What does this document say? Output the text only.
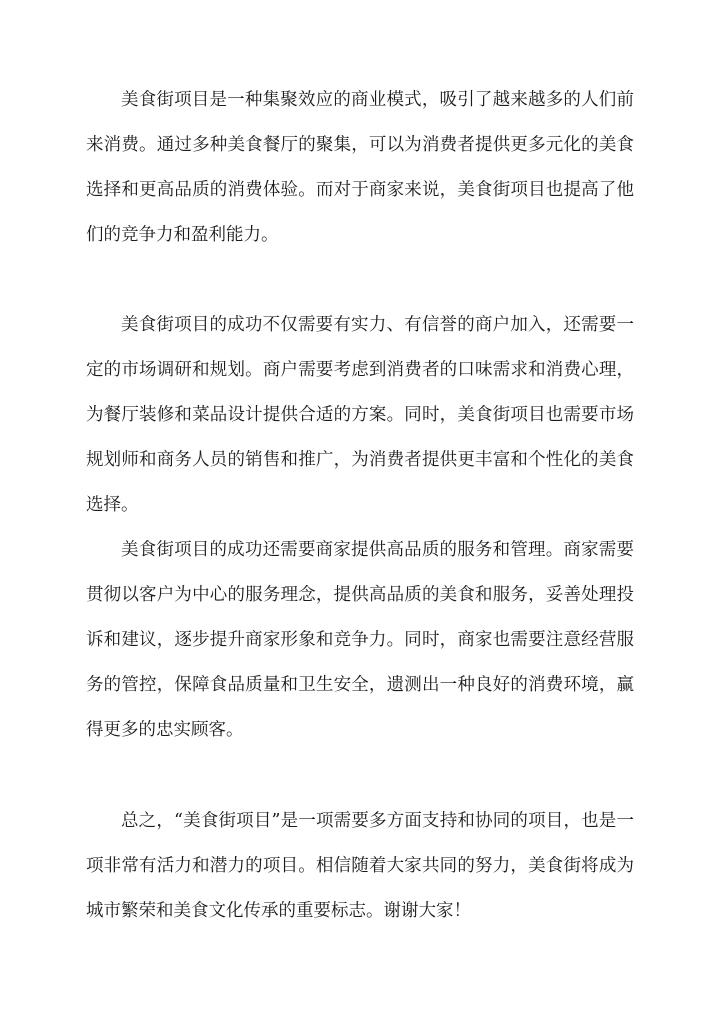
美食街项目是一种集聚效应的商业模式，吸引了越来越多的人们前来消费。通过多种美食餐厅的聚集，可以为消费者提供更多元化的美食选择和更高品质的消费体验。而对于商家来说，美食街项目也提高了他们的竞争力和盈利能力。

美食街项目的成功不仅需要有实力、有信誉的商户加入，还需要一定的市场调研和规划。商户需要考虑到消费者的口味需求和消费心理，为餐厅装修和菜品设计提供合适的方案。同时，美食街项目也需要市场规划师和商务人员的销售和推广，为消费者提供更丰富和个性化的美食选择。

美食街项目的成功还需要商家提供高品质的服务和管理。商家需要贯彻以客户为中心的服务理念，提供高品质的美食和服务，妥善处理投诉和建议，逐步提升商家形象和竞争力。同时，商家也需要注意经营服务的管控，保障食品质量和卫生安全，遗测出一种良好的消费环境，赢得更多的忠实顾客。

总之，“美食街项目”是一项需要多方面支持和协同的项目，也是一项非常有活力和潜力的项目。相信随着大家共同的努力，美食街将成为城市繁荣和美食文化传承的重要标志。谢谢大家！
